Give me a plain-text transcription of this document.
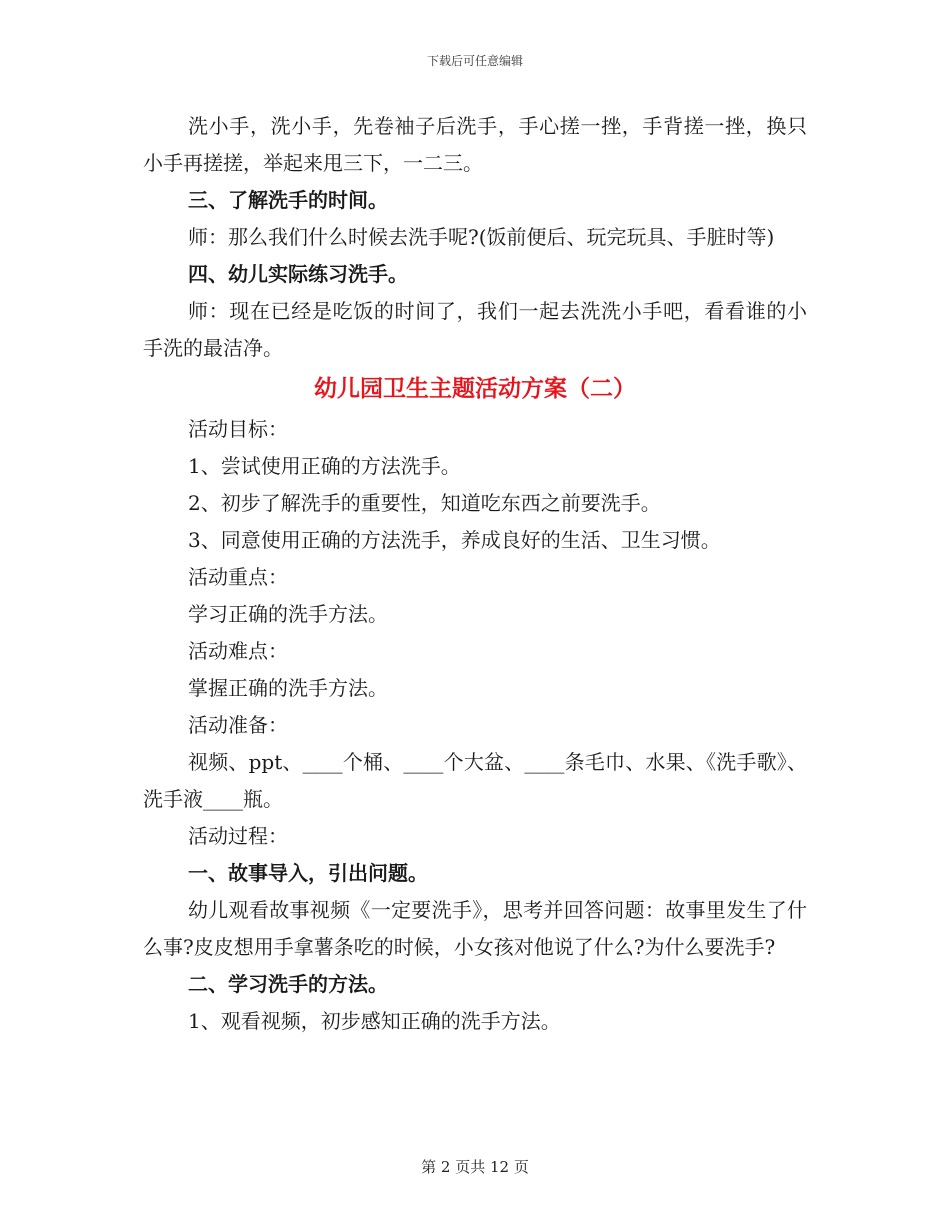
下载后可任意编辑

洗小手，洗小手，先卷袖子后洗手，手心搓一挫，手背搓一挫，换只小手再搓搓，举起来甩三下，一二三。

三、了解洗手的时间。

师：那么我们什么时候去洗手呢?(饭前便后、玩完玩具、手脏时等)

四、幼儿实际练习洗手。

师：现在已经是吃饭的时间了，我们一起去洗洗小手吧，看看谁的小手洗的最洁净。

幼儿园卫生主题活动方案（二）

活动目标：

1、尝试使用正确的方法洗手。

2、初步了解洗手的重要性，知道吃东西之前要洗手。

3、同意使用正确的方法洗手，养成良好的生活、卫生习惯。

活动重点：

学习正确的洗手方法。

活动难点：

掌握正确的洗手方法。

活动准备：

视频、ppt、____个桶、____个大盆、____条毛巾、水果、《洗手歌》、洗手液____瓶。

活动过程：

一、故事导入，引出问题。

幼儿观看故事视频《一定要洗手》，思考并回答问题：故事里发生了什么事?皮皮想用手拿薯条吃的时候，小女孩对他说了什么?为什么要洗手?

二、学习洗手的方法。

1、观看视频，初步感知正确的洗手方法。

第 2 页共 12 页
